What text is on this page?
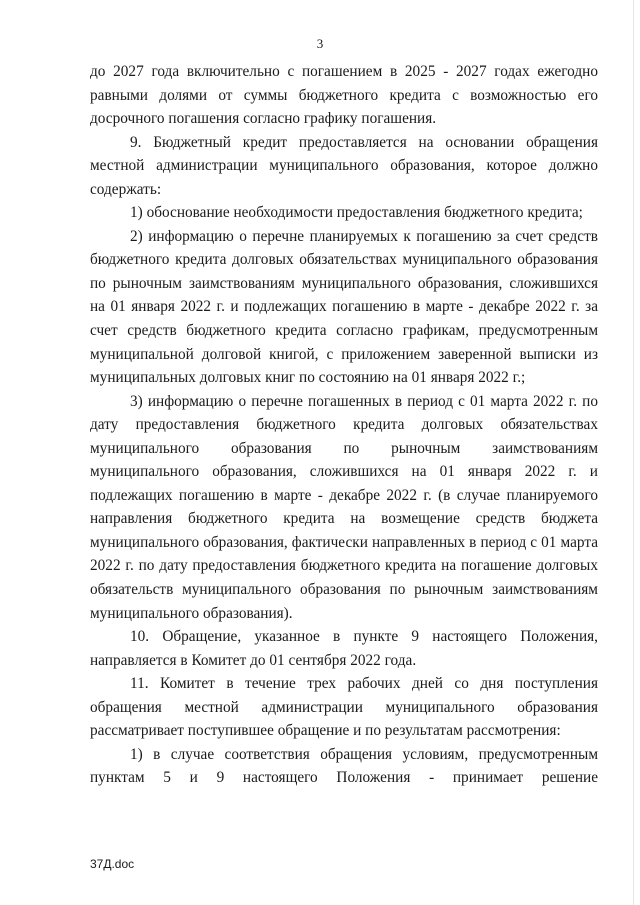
3

до 2027 года включительно с погашением в 2025 - 2027 годах ежегодно равными долями от суммы бюджетного кредита с возможностью его досрочного погашения согласно графику погашения.

9. Бюджетный кредит предоставляется на основании обращения местной администрации муниципального образования, которое должно содержать:

1) обоснование необходимости предоставления бюджетного кредита;

2) информацию о перечне планируемых к погашению за счет средств бюджетного кредита долговых обязательствах муниципального образования по рыночным заимствованиям муниципального образования, сложившихся на 01 января 2022 г. и подлежащих погашению в марте - декабре 2022 г. за счет средств бюджетного кредита согласно графикам, предусмотренным муниципальной долговой книгой, с приложением заверенной выписки из муниципальных долговых книг по состоянию на 01 января 2022 г.;

3) информацию о перечне погашенных в период с 01 марта 2022 г. по дату предоставления бюджетного кредита долговых обязательствах муниципального образования по рыночным заимствованиям муниципального образования, сложившихся на 01 января 2022 г. и подлежащих погашению в марте - декабре 2022 г. (в случае планируемого направления бюджетного кредита на возмещение средств бюджета муниципального образования, фактически направленных в период с 01 марта 2022 г. по дату предоставления бюджетного кредита на погашение долговых обязательств муниципального образования по рыночным заимствованиям муниципального образования).

10. Обращение, указанное в пункте 9 настоящего Положения, направляется в Комитет до 01 сентября 2022 года.

11. Комитет в течение трех рабочих дней со дня поступления обращения местной администрации муниципального образования рассматривает поступившее обращение и по результатам рассмотрения:

1) в случае соответствия обращения условиям, предусмотренным пунктам 5 и 9 настоящего Положения - принимает решение

37Д.doc
